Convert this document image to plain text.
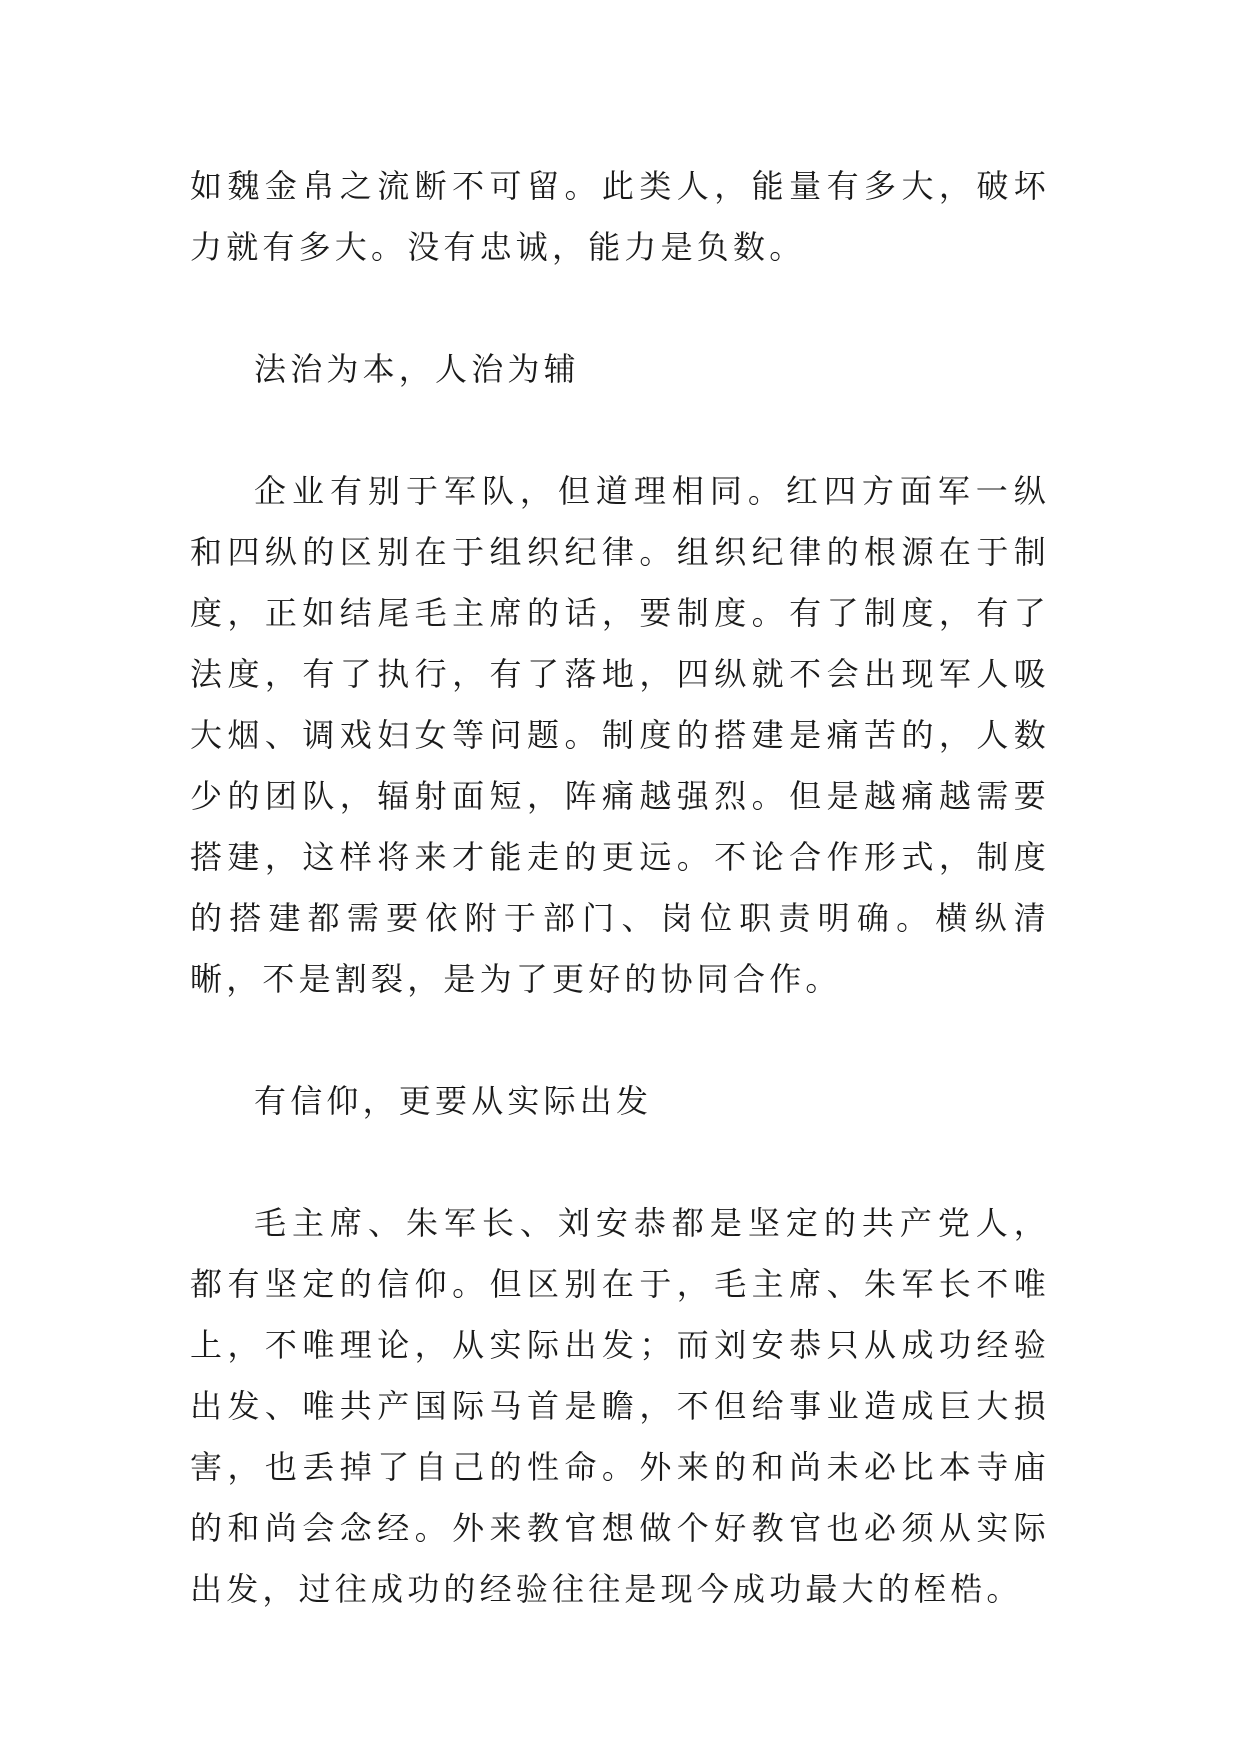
如魏金帛之流断不可留。此类人，能量有多大，破坏力就有多大。没有忠诚，能力是负数。

法治为本，人治为辅

企业有别于军队，但道理相同。红四方面军一纵和四纵的区别在于组织纪律。组织纪律的根源在于制度，正如结尾毛主席的话，要制度。有了制度，有了法度，有了执行，有了落地，四纵就不会出现军人吸大烟、调戏妇女等问题。制度的搭建是痛苦的，人数少的团队，辐射面短，阵痛越强烈。但是越痛越需要搭建，这样将来才能走的更远。不论合作形式，制度的搭建都需要依附于部门、岗位职责明确。横纵清晰，不是割裂，是为了更好的协同合作。

有信仰，更要从实际出发

毛主席、朱军长、刘安恭都是坚定的共产党人，都有坚定的信仰。但区别在于，毛主席、朱军长不唯上，不唯理论，从实际出发；而刘安恭只从成功经验出发、唯共产国际马首是瞻，不但给事业造成巨大损害，也丢掉了自己的性命。外来的和尚未必比本寺庙的和尚会念经。外来教官想做个好教官也必须从实际出发，过往成功的经验往往是现今成功最大的桎梏。
